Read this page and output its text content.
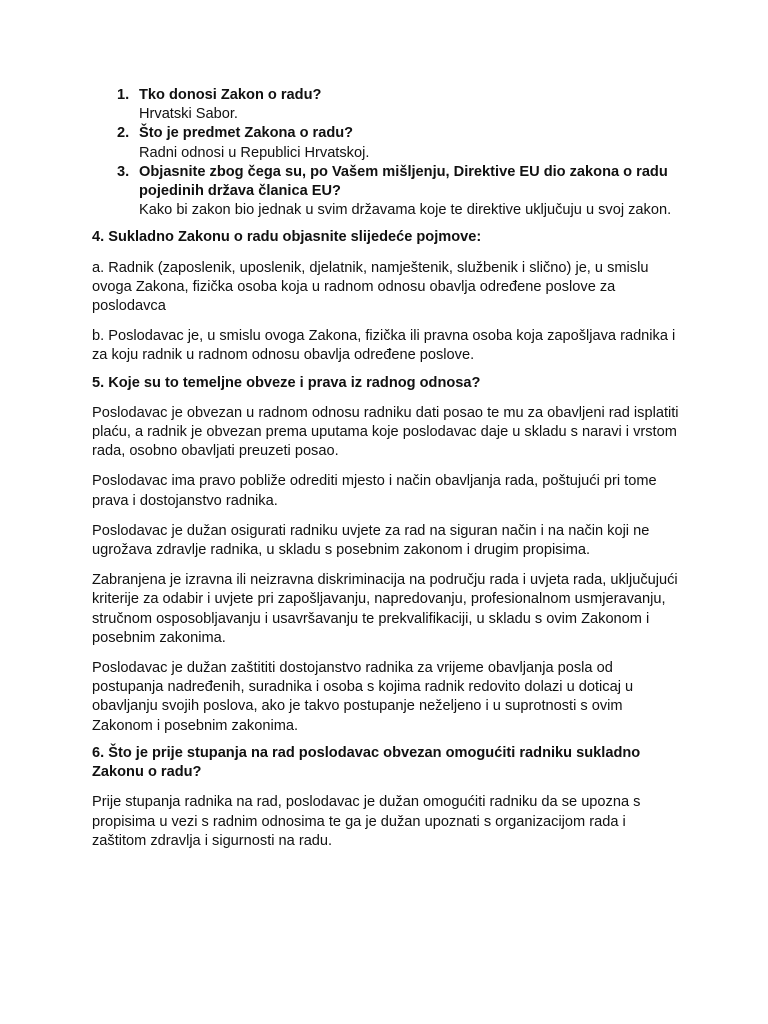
1. Tko donosi Zakon o radu?
Hrvatski Sabor.
2. Što je predmet Zakona o radu?
Radni odnosi u Republici Hrvatskoj.
3. Objasnite zbog čega su, po Vašem mišljenju, Direktive EU dio zakona o radu pojedinih država članica EU?
Kako bi zakon bio jednak u svim državama koje te direktive uključuju u svoj zakon.

4. Sukladno Zakonu o radu objasnite slijedeće pojmove:

a. Radnik (zaposlenik, uposlenik, djelatnik, namještenik, službenik i slično) je, u smislu ovoga Zakona, fizička osoba koja u radnom odnosu obavlja određene poslove za poslodavca

b. Poslodavac je, u smislu ovoga Zakona, fizička ili pravna osoba koja zapošljava radnika i za koju radnik u radnom odnosu obavlja određene poslove.

5. Koje su to temeljne obveze i prava iz radnog odnosa?

Poslodavac je obvezan u radnom odnosu radniku dati posao te mu za obavljeni rad isplatiti plaću, a radnik je obvezan prema uputama koje poslodavac daje u skladu s naravi i vrstom rada, osobno obavljati preuzeti posao.

Poslodavac ima pravo pobliže odrediti mjesto i način obavljanja rada, poštujući pri tome prava i dostojanstvo radnika.

Poslodavac je dužan osigurati radniku uvjete za rad na siguran način i na način koji ne ugrožava zdravlje radnika, u skladu s posebnim zakonom i drugim propisima.

Zabranjena je izravna ili neizravna diskriminacija na području rada i uvjeta rada, uključujući kriterije za odabir i uvjete pri zapošljavanju, napredovanju, profesionalnom usmjeravanju, stručnom osposobljavanju i usavršavanju te prekvalifikaciji, u skladu s ovim Zakonom i posebnim zakonima.

Poslodavac je dužan zaštititi dostojanstvo radnika za vrijeme obavljanja posla od postupanja nadređenih, suradnika i osoba s kojima radnik redovito dolazi u doticaj u obavljanju svojih poslova, ako je takvo postupanje neželjeno i u suprotnosti s ovim Zakonom i posebnim zakonima.

6. Što je prije stupanja na rad poslodavac obvezan omogućiti radniku sukladno Zakonu o radu?

Prije stupanja radnika na rad, poslodavac je dužan omogućiti radniku da se upozna s propisima u vezi s radnim odnosima te ga je dužan upoznati s organizacijom rada i zaštitom zdravlja i sigurnosti na radu.
